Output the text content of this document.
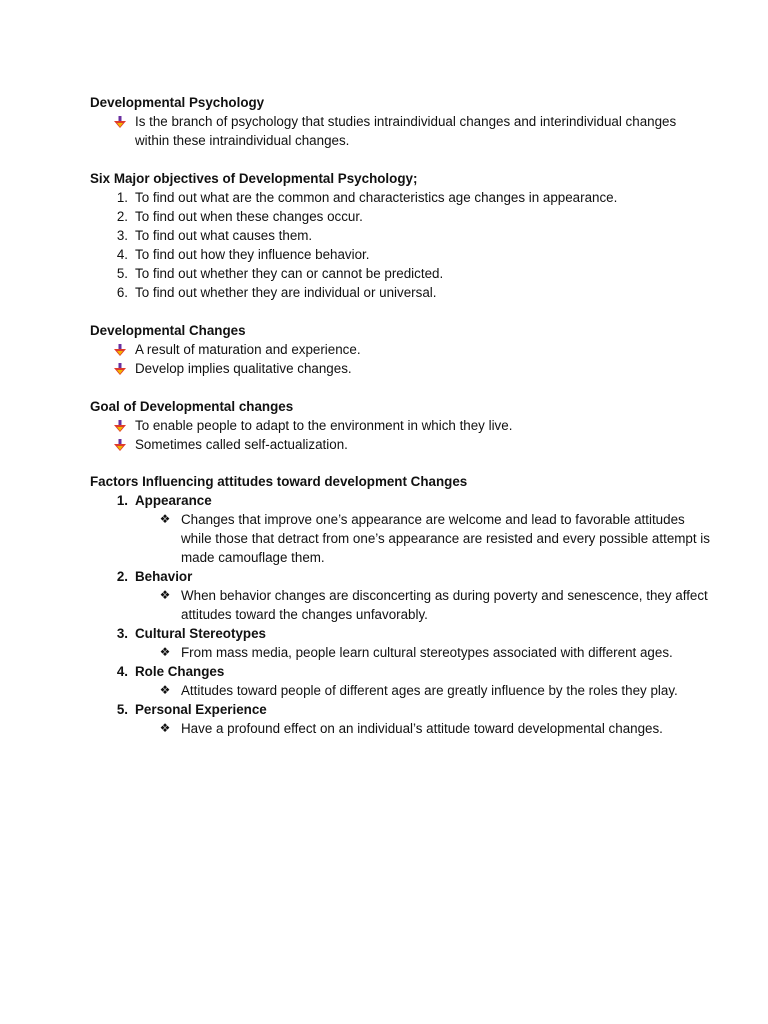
Developmental Psychology
Is the branch of psychology that studies intraindividual changes and interindividual changes within these intraindividual changes.
Six Major objectives of Developmental Psychology;
1. To find out what are the common and characteristics age changes in appearance.
2. To find out when these changes occur.
3. To find out what causes them.
4. To find out how they influence behavior.
5. To find out whether they can or cannot be predicted.
6. To find out whether they are individual or universal.
Developmental Changes
A result of maturation and experience.
Develop implies qualitative changes.
Goal of Developmental changes
To enable people to adapt to the environment in which they live.
Sometimes called self-actualization.
Factors Influencing attitudes toward development Changes
1. Appearance
❖ Changes that improve one’s appearance are welcome and lead to favorable attitudes while those that detract from one’s appearance are resisted and every possible attempt is made camouflage them.
2. Behavior
❖ When behavior changes are disconcerting as during poverty and senescence, they affect attitudes toward the changes unfavorably.
3. Cultural Stereotypes
❖ From mass media, people learn cultural stereotypes associated with different ages.
4. Role Changes
❖ Attitudes toward people of different ages are greatly influence by the roles they play.
5. Personal Experience
❖ Have a profound effect on an individual’s attitude toward developmental changes.
